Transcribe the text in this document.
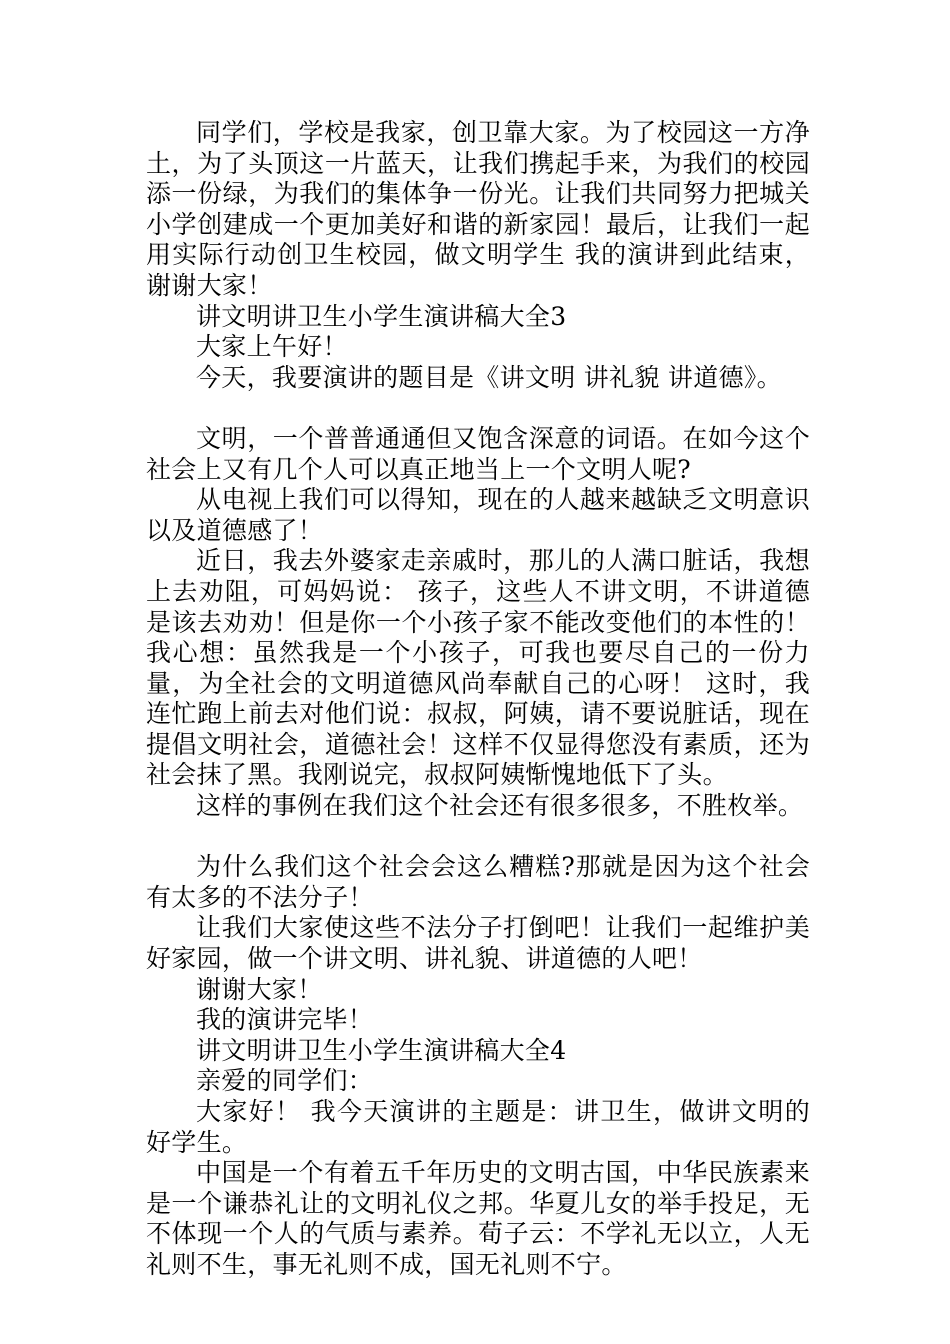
同学们，学校是我家，创卫靠大家。为了校园这一方净土，为了头顶这一片蓝天，让我们携起手来，为我们的校园添一份绿，为我们的集体争一份光。让我们共同努力把城关小学创建成一个更加美好和谐的新家园！最后，让我们一起用实际行动创卫生校园，做文明学生 我的演讲到此结束，谢谢大家！

讲文明讲卫生小学生演讲稿大全3

大家上午好！

今天，我要演讲的题目是《讲文明 讲礼貌 讲道德》。

文明，一个普普通通但又饱含深意的词语。在如今这个社会上又有几个人可以真正地当上一个文明人呢?

从电视上我们可以得知，现在的人越来越缺乏文明意识以及道德感了！

近日，我去外婆家走亲戚时，那儿的人满口脏话，我想上去劝阻，可妈妈说： 孩子，这些人不讲文明，不讲道德是该去劝劝！但是你一个小孩子家不能改变他们的本性的！我心想：虽然我是一个小孩子，可我也要尽自己的一份力量，为全社会的文明道德风尚奉献自己的心呀！ 这时，我连忙跑上前去对他们说：叔叔，阿姨，请不要说脏话，现在提倡文明社会，道德社会！这样不仅显得您没有素质，还为社会抹了黑。我刚说完，叔叔阿姨惭愧地低下了头。

这样的事例在我们这个社会还有很多很多，不胜枚举。

为什么我们这个社会会这么糟糕?那就是因为这个社会有太多的不法分子！

让我们大家使这些不法分子打倒吧！让我们一起维护美好家园，做一个讲文明、讲礼貌、讲道德的人吧！

谢谢大家！

我的演讲完毕！

讲文明讲卫生小学生演讲稿大全4

亲爱的同学们：

大家好！ 我今天演讲的主题是：讲卫生，做讲文明的好学生。

中国是一个有着五千年历史的文明古国，中华民族素来是一个谦恭礼让的文明礼仪之邦。华夏儿女的举手投足，无不体现一个人的气质与素养。荀子云：不学礼无以立，人无礼则不生，事无礼则不成，国无礼则不宁。
